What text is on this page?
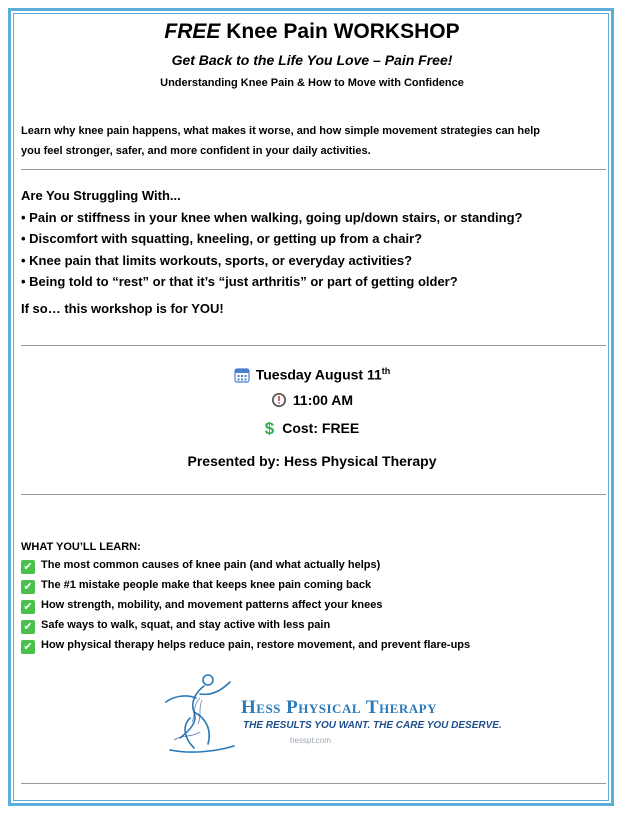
FREE Knee Pain WORKSHOP
Get Back to the Life You Love – Pain Free!
Understanding Knee Pain & How to Move with Confidence
Learn why knee pain happens, what makes it worse, and how simple movement strategies can help
you feel stronger, safer, and more confident in your daily activities.
Are You Struggling With...
• Pain or stiffness in your knee when walking, going up/down stairs, or standing?
• Discomfort with squatting, kneeling, or getting up from a chair?
• Knee pain that limits workouts, sports, or everyday activities?
• Being told to “rest” or that it’s “just arthritis” or part of getting older?
If so… this workshop is for YOU!
Tuesday August 11th
11:00 AM
$ Cost: FREE
Presented by: Hess Physical Therapy
WHAT YOU’LL LEARN:
✔ The most common causes of knee pain (and what actually helps)
✔ The #1 mistake people make that keeps knee pain coming back
✔ How strength, mobility, and movement patterns affect your knees
✔ Safe ways to walk, squat, and stay active with less pain
✔ How physical therapy helps reduce pain, restore movement, and prevent flare-ups
Hess Physical Therapy
THE RESULTS YOU WANT. THE CARE YOU DESERVE.
hesspt.com
